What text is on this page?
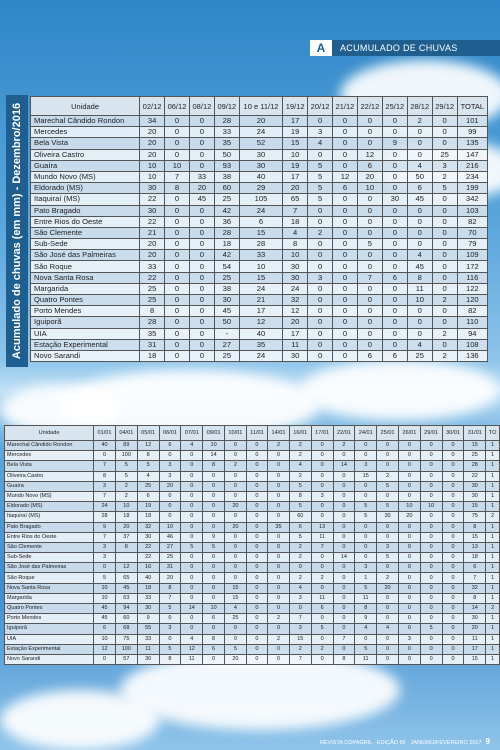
A	ACUMULADO DE CHUVAS
Acumulado de chuvas (em mm) - Dezembro/2016	Unidade	02/12	06/12	08/12	09/12	10 e 11/12	19/12	20/12	21/12	22/12	25/12	28/12	29/12	TOTAL
Marechal Cândido Rondon	34	0	0	28	20	17	0	0	0	0	2	0	101
Mercedes	20	0	0	33	24	19	3	0	0	0	0	0	99
Bela Vista	20	0	0	35	52	15	4	0	0	9	0	0	135
Oliveira Castro	20	0	0	50	30	10	0	0	12	0	0	25	147
Guaíra	10	10	0	93	30	19	5	0	6	0	4	3	216
Mundo Novo (MS)	10	7	33	38	40	17	5	12	20	0	50	2	234
Eldorado (MS)	30	8	20	60	29	20	5	6	10	0	6	5	199
Itaquiraí (MS)	22	0	45	25	105	65	5	0	0	30	45	0	342
Pato Bragado	30	0	0	42	24	7	0	0	0	0	0	0	103
Entre Rios do Oeste	22	0	0	36	6	18	0	0	0	0	0	0	82
São Clemente	21	0	0	28	15	4	2	0	0	0	0	0	70
Sub-Sede	20	0	0	18	28	8	0	0	5	0	0	0	79
São José das Palmeiras	20	0	0	42	33	10	0	0	0	0	4	0	109
São Roque	33	0	0	54	10	30	0	0	0	0	45	0	172
Nova Santa Rosa	22	0	0	25	15	30	3	0	7	6	8	0	116
Margarida	25	0	0	38	24	24	0	0	0	0	11	0	122
Quatro Pontes	25	0	0	30	21	32	0	0	0	0	10	2	120
Porto Mendes	8	0	0	45	17	12	0	0	0	0	0	0	82
Iguiporã	28	0	0	50	12	20	0	0	0	0	0	0	110
UIA	35	0	0	-	40	17	0	0	0	0	0	2	94
Estação Experimental	31	0	0	27	35	11	0	0	0	0	4	0	108
Novo Sarandi	18	0	0	25	24	30	0	0	6	6	25	2	136
Unidade	01/01	04/01	05/01	06/01	07/01	09/01	10/01	11/01	14/01	16/01	17/01	22/01	24/01	25/01	26/01	29/01	30/01	31/01	TO
Marechal Cândido Rondon	40	89	12	6	4	10	0	0	2	2	0	2	0	0	0	0	0	15	1
Mercedes	0	100	8	0	0	14	0	0	0	2	0	0	0	0	0	0	0	25	1
Bela Vista	7	5	5	3	0	8	2	0	0	4	0	14	3	0	0	0	0	28	1
Oliveira Castro	8	5	4	3	0	0	0	0	0	2	0	0	15	2	0	0	0	22	1
Guaíra	3	2	25	20	0	0	0	0	0	5	0	0	0	5	0	0	0	30	1
Mundo Novo (MS)	7	2	6	0	0	0	0	0	0	8	3	0	0	0	0	0	0	30	1
Eldorado (MS)	24	10	19	0	0	0	20	0	0	5	0	0	5	5	10	10	0	15	1
Itaquiraí (MS)	28	18	18	0	0	0	0	0	0	60	0	0	5	30	20	0	0	75	2
Pato Bragado	9	20	32	10	0	0	20	0	35	6	13	0	0	0	0	0	0	8	1
Entre Rios do Oeste	7	37	30	46	0	9	0	0	0	5	11	0	0	0	0	0	0	15	1
São Clemente	3	8	22	27	5	5	0	0	0	2	7	0	0	3	0	0	0	13	1
Sub-Sede	3		22	25	0	0	0	0	0	2	0	14	0	5	0	0	0	18	1
São José das Palmeiras	0	12	16	31	0	0	0	0	0	0	0	0	3	0	0	0	0	6	1
São Roque	5	65	40	20	0	0	0	0	0	2	2	0	1	2	0	0	0	7	1
Nova Santa Rosa	10	45	18	8	0	0	15	0	0	4	0	0	5	20	0	0	0	32	1
Margarida	10	63	33	7	0	0	15	0	0	3	11	0	11	0	0	0	0	8	1
Quatro Pontes	45	94	30	5	14	10	4	0	0	0	6	0	8	0	0	0	0	14	2
Porto Mendes	45	60	9	0	0	6	25	0	2	7	0	0	9	0	0	0	0	30	1
Iguiporã	6	68	55	3	0	0	0	0	0	3	5	0	4	4	0	5	0	20	1
UIA	10	75	33	0	4	8	0	0	2	15	0	7	0	0	3	0	0	11	1
Estação Experimental	12	100	11	5	12	6	5	0	0	2	2	0	5	0	0	0	0	17	1
Novo Sarandi	0	57	30	8	11	0	20	0	0	7	0	8	11	0	0	0	0	15	1
REVISTA COPAGRIL · EDIÇÃO 95 · JANEIRO/FEVEREIRO 2017 9
